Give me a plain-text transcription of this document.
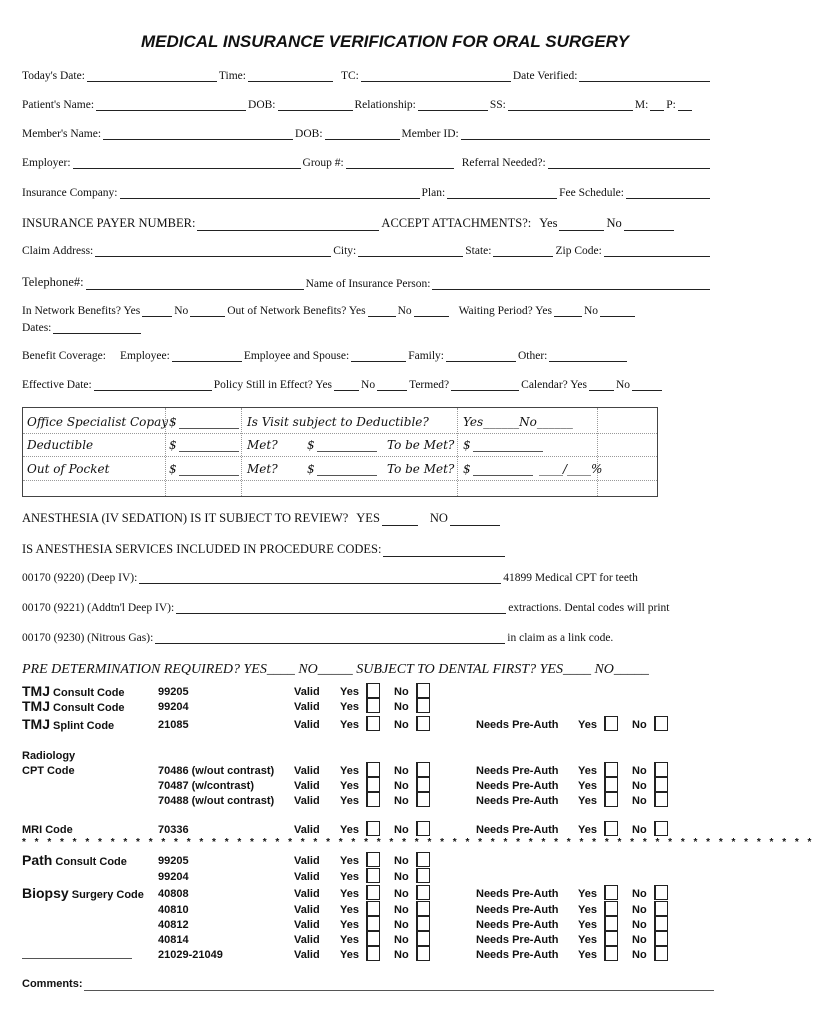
MEDICAL INSURANCE VERIFICATION FOR ORAL SURGERY
Today's Date:	Time:	TC:	Date Verified:
Patient's Name:	DOB:	Relationship:	SS:	M: P:
Member's Name:	DOB:	Member ID:
Employer:	Group #:	Referral Needed?:
Insurance Company:	Plan:	Fee Schedule:
INSURANCE PAYER NUMBER:	ACCEPT ATTACHMENTS?: Yes	No
Claim Address:	City:	State:	Zip Code:
Telephone#:	Name of Insurance Person:
In Network Benefits? Yes	No	Out of Network Benefits? Yes	No	Waiting Period? Yes	No
Dates:
Benefit Coverage: Employee:	Employee and Spouse:	Family:	Other:
Effective Date:	Policy Still in Effect? Yes	No	Termed?	Calendar? Yes	No
Office Specialist Copay $	Is Visit subject to Deductible?	Yes______No______
Deductible	$	Met? $	To be Met? $
Out of Pocket	$	Met? $	To be Met? $	____/____%
ANESTHESIA (IV SEDATION) IS IT SUBJECT TO REVIEW? YES	NO
IS ANESTHESIA SERVICES INCLUDED IN PROCEDURE CODES:
00170 (9220) (Deep IV):	41899 Medical CPT for teeth
00170 (9221) (Addtn'l Deep IV):	extractions. Dental codes will print
00170 (9230) (Nitrous Gas):	in claim as a link code.
PRE DETERMINATION REQUIRED? YES____ NO_____ SUBJECT TO DENTAL FIRST? YES____ NO_____
TMJ Consult Code	99205	Valid Yes	No
TMJ Consult Code	99204	Valid Yes	No
TMJ Splint Code	21085	Valid Yes	No	Needs Pre-Auth Yes	No
Radiology
CPT Code	70486 (w/out contrast) Valid Yes	No	Needs Pre-Auth Yes	No
70487 (w/contrast)	Valid Yes	No	Needs Pre-Auth Yes	No
70488 (w/out contrast) Valid Yes	No	Needs Pre-Auth Yes	No
MRI Code	70336	Valid Yes	No	Needs Pre-Auth Yes	No
Path Consult Code	99205	Valid Yes	No
99204	Valid Yes	No
Biopsy Surgery Code 40808	Valid Yes	No	Needs Pre-Auth Yes	No
40810	Valid Yes	No	Needs Pre-Auth Yes	No
40812	Valid Yes	No	Needs Pre-Auth Yes	No
40814	Valid Yes	No	Needs Pre-Auth Yes	No
21029-21049	Valid Yes	No	Needs Pre-Auth Yes	No
* * * * * * * * * * * * * * * * * * * * * * * * * * * * * * * * * * * * * * * * * * * * * * * * * * * * * * * * * * * * * * *
Comments:
